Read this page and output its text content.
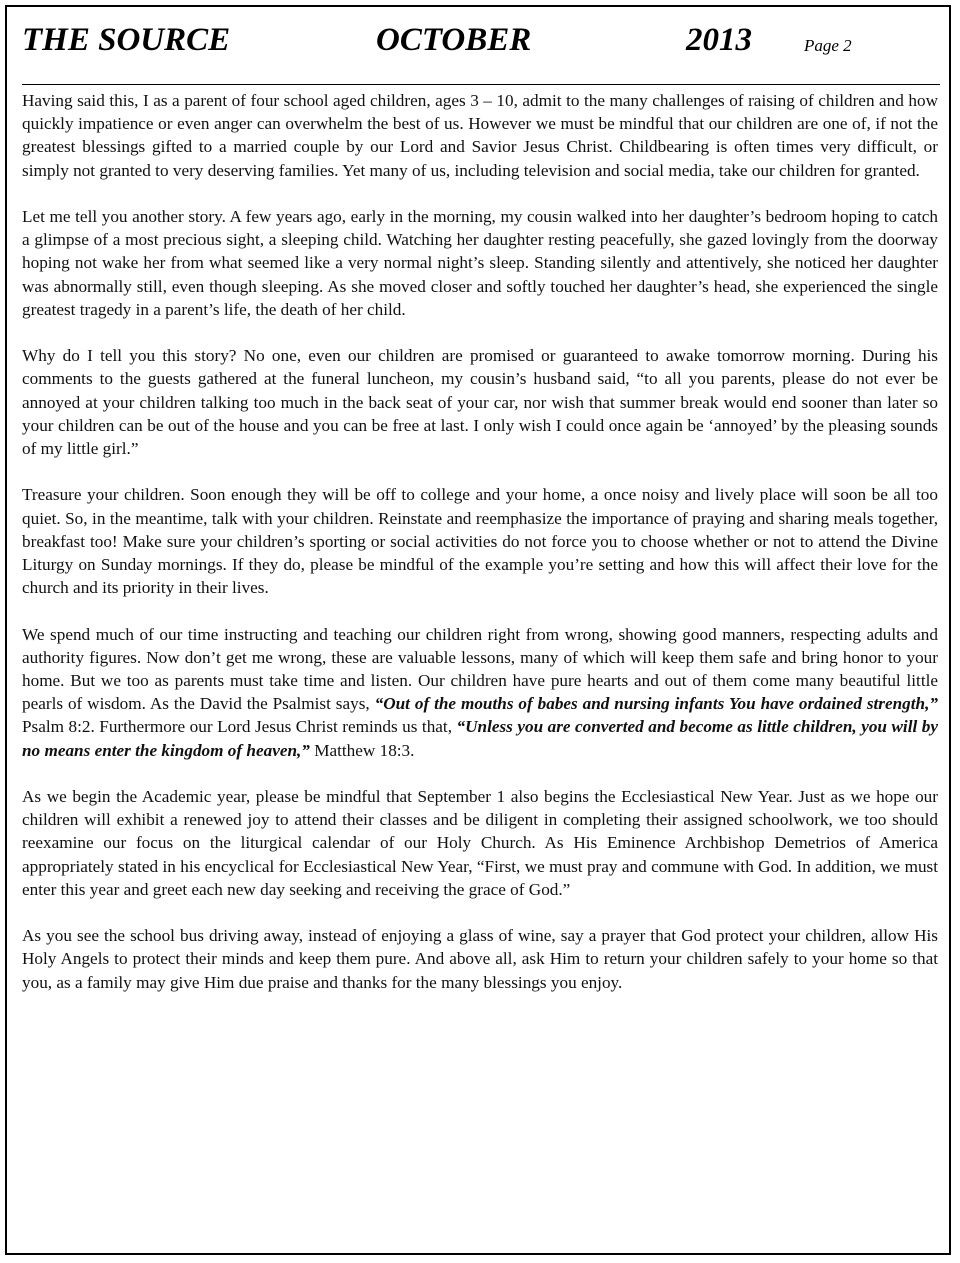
THE SOURCE	OCTOBER	2013	Page 2

Having said this, I as a parent of four school aged children, ages 3 – 10, admit to the many challenges of raising of children and how quickly impatience or even anger can overwhelm the best of us. However we must be mindful that our children are one of, if not the greatest blessings gifted to a married couple by our Lord and Savior Jesus Christ. Childbearing is often times very difficult, or simply not granted to very deserving families. Yet many of us, including television and social media, take our children for granted.

Let me tell you another story. A few years ago, early in the morning, my cousin walked into her daughter’s bedroom hoping to catch a glimpse of a most precious sight, a sleeping child. Watching her daughter resting peacefully, she gazed lovingly from the doorway hoping not wake her from what seemed like a very normal night’s sleep. Standing silently and attentively, she noticed her daughter was abnormally still, even though sleeping. As she moved closer and softly touched her daughter’s head, she experienced the single greatest tragedy in a parent’s life, the death of her child.

Why do I tell you this story? No one, even our children are promised or guaranteed to awake tomorrow morning. During his comments to the guests gathered at the funeral luncheon, my cousin’s husband said, “to all you parents, please do not ever be annoyed at your children talking too much in the back seat of your car, nor wish that summer break would end sooner than later so your children can be out of the house and you can be free at last. I only wish I could once again be ‘annoyed’ by the pleasing sounds of my little girl.”

Treasure your children. Soon enough they will be off to college and your home, a once noisy and lively place will soon be all too quiet. So, in the meantime, talk with your children. Reinstate and reemphasize the importance of praying and sharing meals together, breakfast too! Make sure your children’s sporting or social activities do not force you to choose whether or not to attend the Divine Liturgy on Sunday mornings. If they do, please be mindful of the example you’re setting and how this will affect their love for the church and its priority in their lives.

We spend much of our time instructing and teaching our children right from wrong, showing good manners, respecting adults and authority figures. Now don’t get me wrong, these are valuable lessons, many of which will keep them safe and bring honor to your home. But we too as parents must take time and listen. Our children have pure hearts and out of them come many beautiful little pearls of wisdom. As the David the Psalmist says, “Out of the mouths of babes and nursing infants You have ordained strength,” Psalm 8:2. Furthermore our Lord Jesus Christ reminds us that, “Unless you are converted and become as little children, you will by no means enter the kingdom of heaven,” Matthew 18:3.

As we begin the Academic year, please be mindful that September 1 also begins the Ecclesiastical New Year. Just as we hope our children will exhibit a renewed joy to attend their classes and be diligent in completing their assigned schoolwork, we too should reexamine our focus on the liturgical calendar of our Holy Church. As His Eminence Archbishop Demetrios of America appropriately stated in his encyclical for Ecclesiastical New Year, “First, we must pray and commune with God. In addition, we must enter this year and greet each new day seeking and receiving the grace of God.”

As you see the school bus driving away, instead of enjoying a glass of wine, say a prayer that God protect your children, allow His Holy Angels to protect their minds and keep them pure. And above all, ask Him to return your children safely to your home so that you, as a family may give Him due praise and thanks for the many blessings you enjoy.
